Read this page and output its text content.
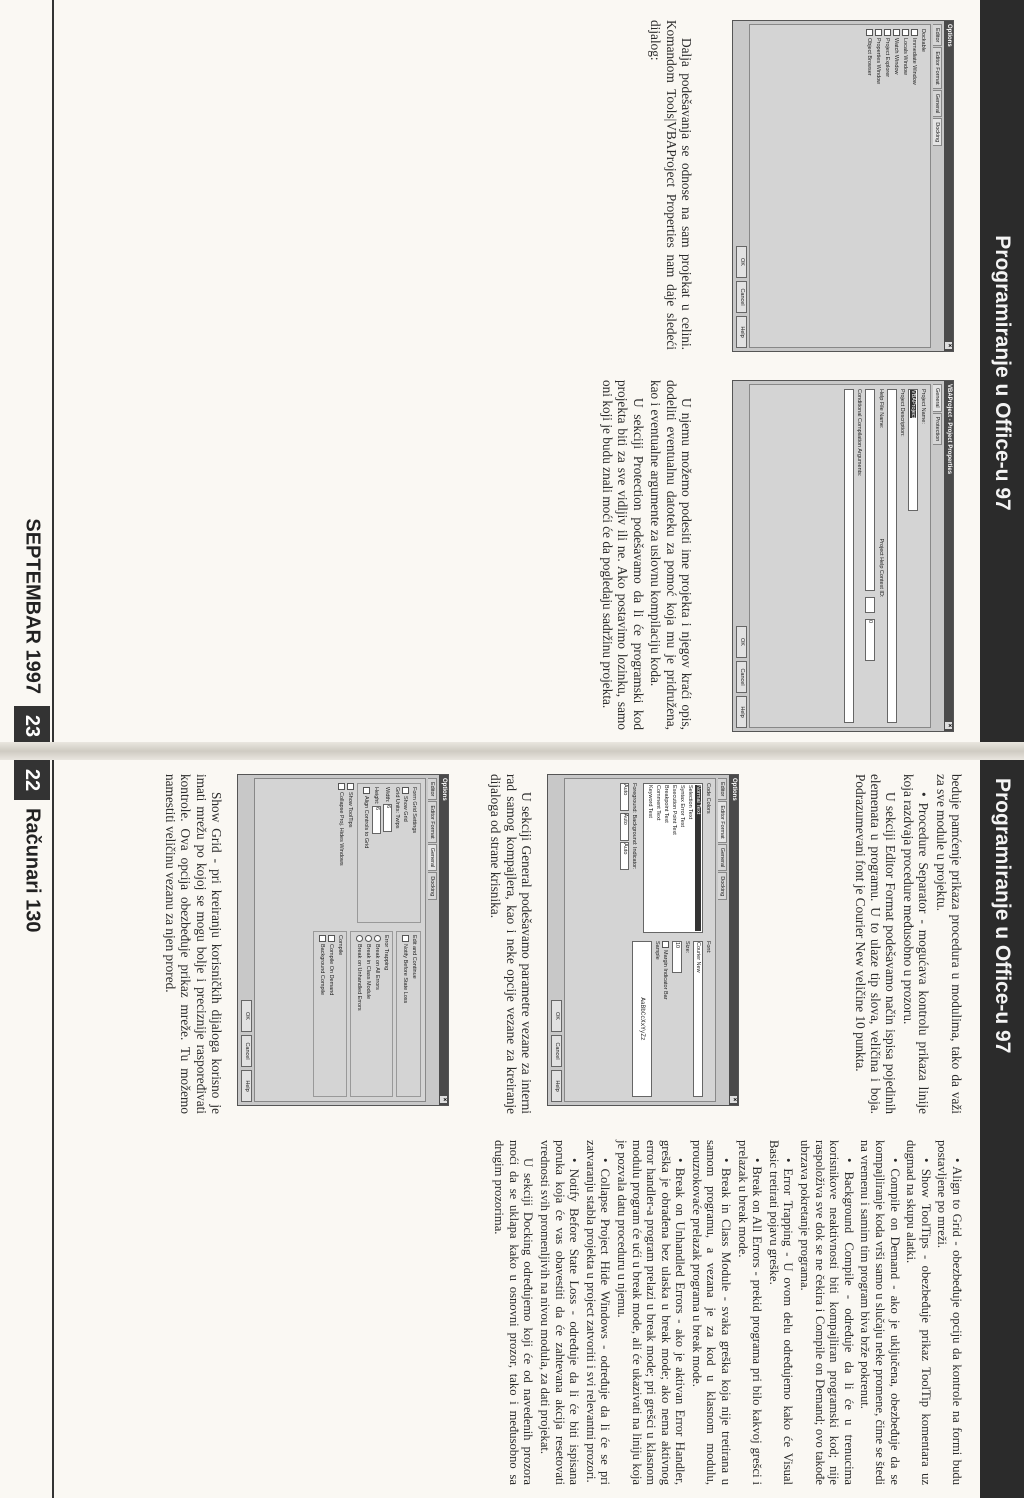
Programiranje u Office-u 97
Options
×
EditorEditor FormatGeneralDocking
Dockable
Immediate Window
Locals Window
Watch Window
Project Explorer
Properties Window
Object Browser
OKCancelHelp
VBAProject - Project Properties
×
GeneralProtection
Project Name:
VBAProject
Project Description:
Help File Name:Project Help Context ID:
0
Conditional Compilation Arguments:
OKCancelHelp

Dalja podešavanja se odnose na sam projekat u celini. Komandom Tools|VBAProject Properties nam daje sledeći dijalog:

U njemu možemo podesiti ime projekta i njegov kraći opis, dodeliti eventualnu datoteku za pomoć koja mu je pridružena, kao i eventualne argumente za uslovnu kompilaciju koda.

U sekciji Protection podešavamo da li će programski kod projekta biti za sve vidljiv ili ne. Ako postavimo lozinku, samo oni koji je budu znali moći će da pogledaju sadržinu projekta.

SEPTEMBAR 199723
Programiranje u Office-u 97

beduje pamćenje prikaza procedura u modulima, tako da važi za sve module u projektu.

• Procedure Separator - mogućava kontrolu prikaza linije koja razdvaja procedure međusobno u prozoru.

U sekciji Editor Format podešavamo način ispisa pojedinih elemenata u programu. U to ulaze tip slova, veličina i boja. Podrazumevani font je Courier New veličine 10 punkta.

Options
×
EditorEditor FormatGeneralDocking
Code Colors
Normal Text
Selection Text
Syntax Error Text
Execution Point Text
Breakpoint Text
Comment Text
Keyword Text
Foreground: Background: Indicator:
Auto Auto Auto
Font:
Courier New
Size:
10
Margin Indicator Bar
Sample
AaBbCcXxYyZz
OKCancelHelp

U sekciji General podešavamo parametre vezane za interni rad samog kompajlera, kao i neke opcije vezane za kreiranje dijaloga od strane krisnika.

Options
×
EditorEditor FormatGeneralDocking
Form Grid Settings
Show Grid
Grid Units: Twips
Width: 6
Height: 6
Align Controls to Grid
Show ToolTips
Collapse Proj. Hides Windows
Edit and Continue
Notify Before State Loss
Error Trapping
Break on All Errors
Break in Class Module
Break on Unhandled Errors
Compile
Compile On Demand
Background Compile
OKCancelHelp

Show Grid - pri kreiranju korisničkih dijaloga korisno je imati mrežu po kojoj se mogu bolje i preciznije raspoređivati kontrole. Ova opcija obezbeđuje prikaz mreže. Tu možemo namestiti veličinu vezanu za njen prored.

• Align to Grid - obezbeđuje opciju da kontrole na formi budu postavljene po mreži.

• Show ToolTips - obezbeđuje prikaz ToolTip komentara uz dugmad na skupu alatki.

• Compile on Demand - ako je uključena, obezbeđuje da se kompajliranje koda vrši samo u slučaju neke promene, čime se štedi na vremenu i samim tim program biva brže pokrenut.

• Background Compile - određuje da li će u trenucima korisnikove neaktivnosti biti kompajliran programski kod; nije raspoloživa sve dok se ne čekira i Compile on Demand; ovo takođe ubrzava pokretanje programa.

• Error Trapping - U ovom delu određujemo kako će Visual Basic tretirati pojavu greške.

• Break on All Errors - prekid programa pri bilo kakvoj grešci i prelazak u break mode.

• Break in Class Module - svaka greška koja nije tretirana u samom programu, a vezana je za kod u klasnom modulu, prouzrokovaće prelazak programa u break mode.

• Break on Unhandled Errors - ako je aktivan Error Handler, greška je obrađena bez ulaska u break mode; ako nema aktivnog error handler-a program prelazi u break mode; pri grešci u klasnom modulu program će ući u break mode, ali će ukazivati na liniju koja je pozvala datu proceduru u njemu.

• Collapse Project Hide Windows - određuje da li će se pri zatvaranju stabla projekta u project zatvoriti i svi relevantni prozori.

• Notify Before State Loss - određuje da li će biti ispisana poruka koja će vas obavestiti da će zahtevana akcija resetovati vrednosti svih promenljivih na nivou modula, za dati projekat.

U sekciji Docking određujemo koji će od navedenih prozora moći da se uklapa kako u osnovni prozor, tako i međusobno sa drugim prozorima.

22Računari 130
